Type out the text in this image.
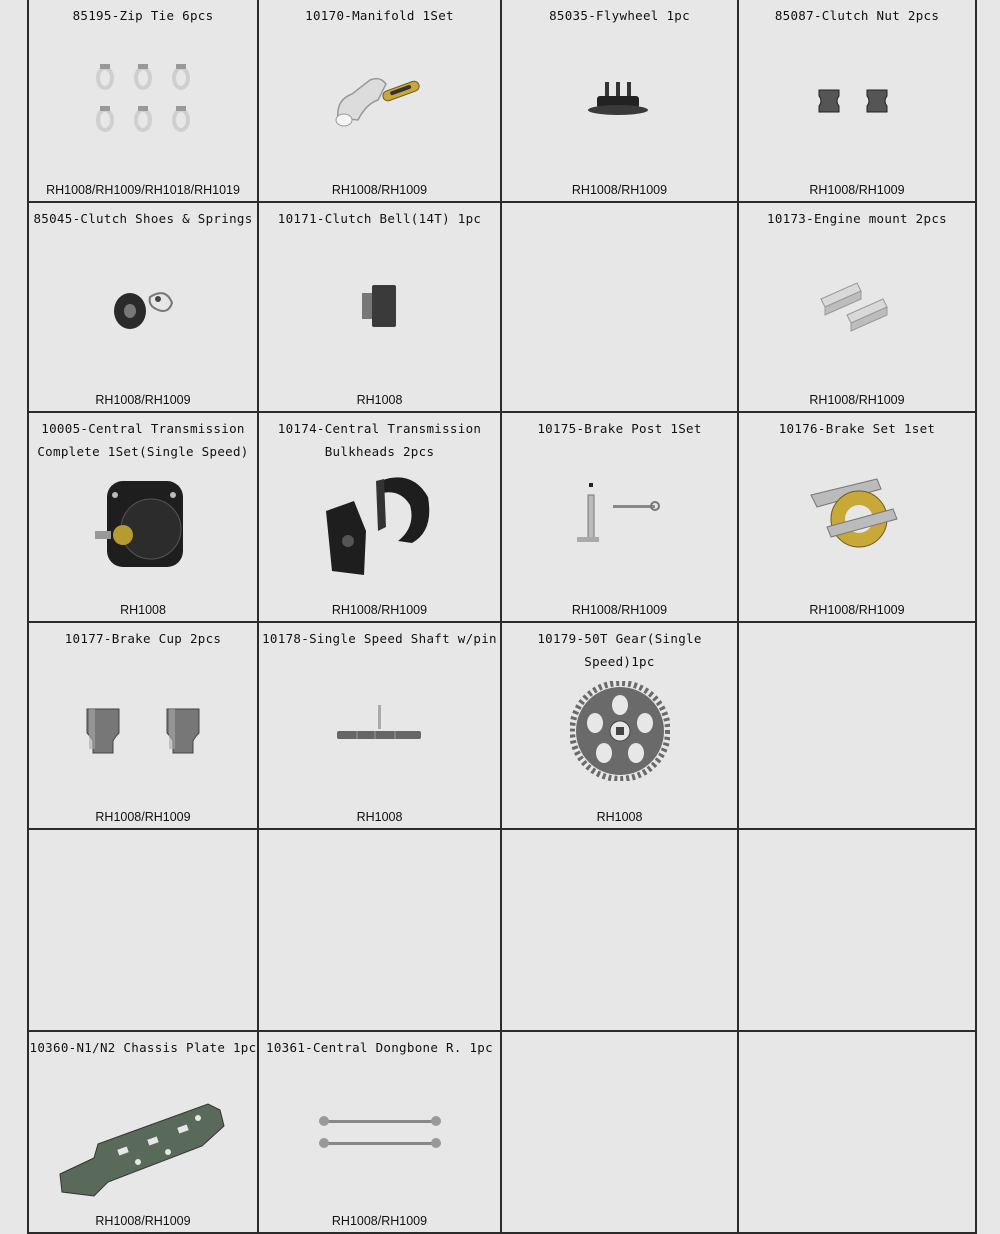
85195-Zip Tie 6pcs
RH1008/RH1009/RH1018/RH1019
10170-Manifold 1Set
RH1008/RH1009
85035-Flywheel 1pc
RH1008/RH1009
85087-Clutch Nut 2pcs
RH1008/RH1009
85045-Clutch Shoes & Springs
RH1008/RH1009
10171-Clutch Bell(14T) 1pc
RH1008
10173-Engine mount 2pcs
RH1008/RH1009
10005-Central Transmission
Complete 1Set(Single Speed)
RH1008
10174-Central Transmission
Bulkheads 2pcs
RH1008/RH1009
10175-Brake Post 1Set
RH1008/RH1009
10176-Brake Set 1set
RH1008/RH1009
10177-Brake Cup 2pcs
RH1008/RH1009
10178-Single Speed Shaft w/pin
RH1008
10179-50T Gear(Single Speed)1pc
RH1008
10360-N1/N2 Chassis Plate 1pc
RH1008/RH1009
10361-Central Dongbone R. 1pc
RH1008/RH1009
